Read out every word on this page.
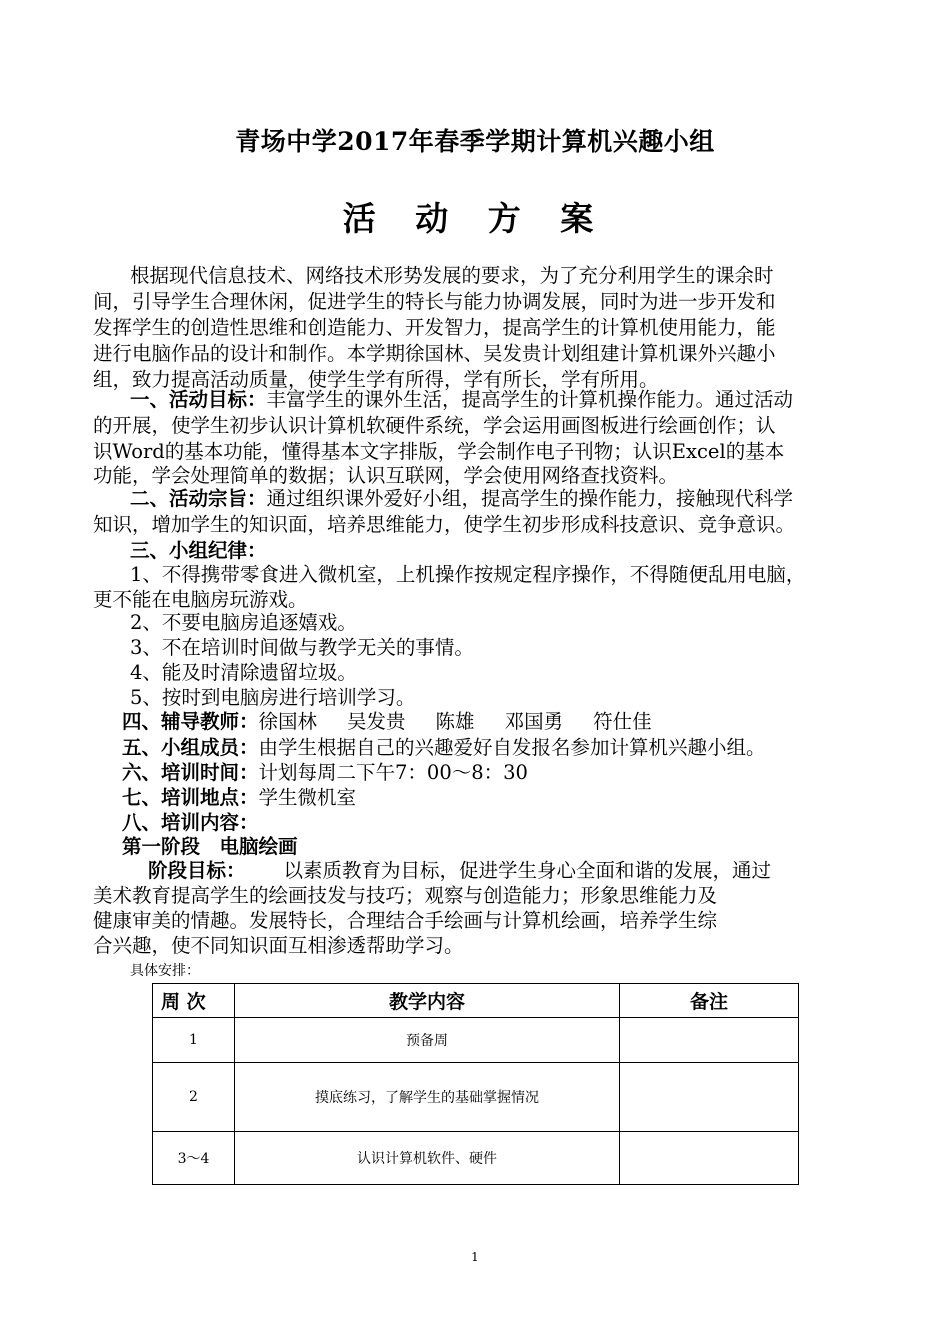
青场中学2017年春季学期计算机兴趣小组
活 动 方 案
根据现代信息技术、网络技术形势发展的要求，为了充分利用学生的课余时
间，引导学生合理休闲，促进学生的特长与能力协调发展，同时为进一步开发和
发挥学生的创造性思维和创造能力、开发智力，提高学生的计算机使用能力，能
进行电脑作品的设计和制作。本学期徐国林、吴发贵计划组建计算机课外兴趣小
组，致力提高活动质量，使学生学有所得，学有所长，学有所用。
一、活动目标：丰富学生的课外生活，提高学生的计算机操作能力。通过活动
的开展，使学生初步认识计算机软硬件系统，学会运用画图板进行绘画创作；认
识Word的基本功能，懂得基本文字排版，学会制作电子刊物；认识Excel的基本
功能，学会处理简单的数据；认识互联网，学会使用网络查找资料。
二、活动宗旨：通过组织课外爱好小组，提高学生的操作能力，接触现代科学
知识，增加学生的知识面，培养思维能力，使学生初步形成科技意识、竞争意识。
三、小组纪律：
1、不得携带零食进入微机室，上机操作按规定程序操作，不得随便乱用电脑，
更不能在电脑房玩游戏。
2、不要电脑房追逐嬉戏。
3、不在培训时间做与教学无关的事情。
4、能及时清除遗留垃圾。
5、按时到电脑房进行培训学习。
四、辅导教师：徐国林 吴发贵 陈雄 邓国勇 符仕佳
五、小组成员：由学生根据自己的兴趣爱好自发报名参加计算机兴趣小组。
六、培训时间：计划每周二下午7：00～8：30
七、培训地点：学生微机室
八、培训内容：
第一阶段　电脑绘画
阶段目标： 以素质教育为目标，促进学生身心全面和谐的发展，通过
美术教育提高学生的绘画技发与技巧；观察与创造能力；形象思维能力及
健康审美的情趣。发展特长，合理结合手绘画与计算机绘画，培养学生综
合兴趣，使不同知识面互相渗透帮助学习。
具体安排：
周 次	教学内容	备注
1	预备周	
2	摸底练习，了解学生的基础掌握情况	
3～4	认识计算机软件、硬件	
1
